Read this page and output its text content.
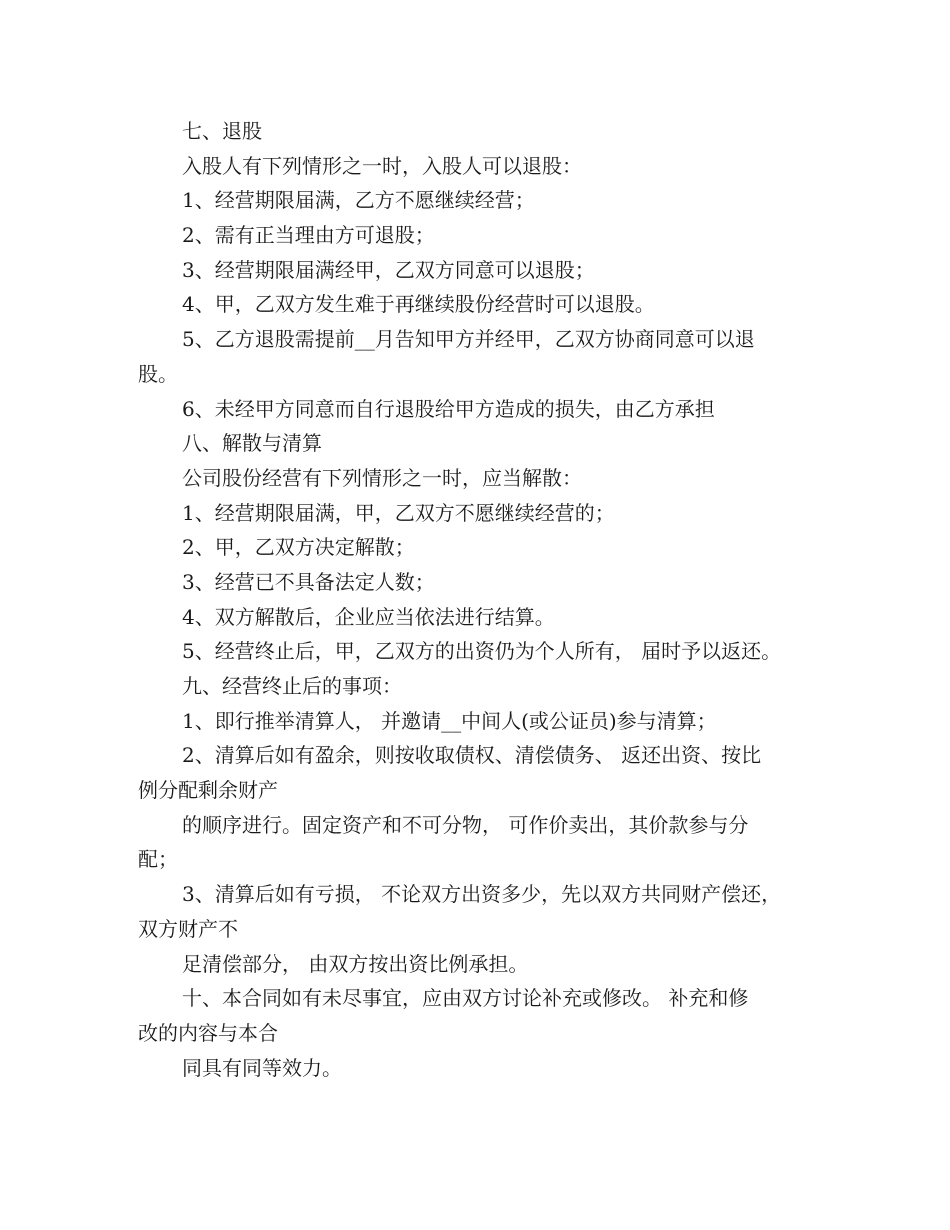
七、退股
入股人有下列情形之一时，入股人可以退股：
1、经营期限届满，乙方不愿继续经营；
2、需有正当理由方可退股；
3、经营期限届满经甲，乙双方同意可以退股；
4、甲，乙双方发生难于再继续股份经营时可以退股。
5、乙方退股需提前__月告知甲方并经甲，乙双方协商同意可以退
股。
6、未经甲方同意而自行退股给甲方造成的损失，由乙方承担
八、解散与清算
公司股份经营有下列情形之一时，应当解散：
1、经营期限届满，甲，乙双方不愿继续经营的；
2、甲，乙双方决定解散；
3、经营已不具备法定人数；
4、双方解散后，企业应当依法进行结算。
5、经营终止后，甲，乙双方的出资仍为个人所有， 届时予以返还。
九、经营终止后的事项：
1、即行推举清算人， 并邀请__中间人(或公证员)参与清算；
2、清算后如有盈余，则按收取债权、清偿债务、 返还出资、按比
例分配剩余财产
的顺序进行。固定资产和不可分物， 可作价卖出，其价款参与分
配；
3、清算后如有亏损， 不论双方出资多少，先以双方共同财产偿还，
双方财产不
足清偿部分， 由双方按出资比例承担。
十、本合同如有未尽事宜，应由双方讨论补充或修改。 补充和修
改的内容与本合
同具有同等效力。
